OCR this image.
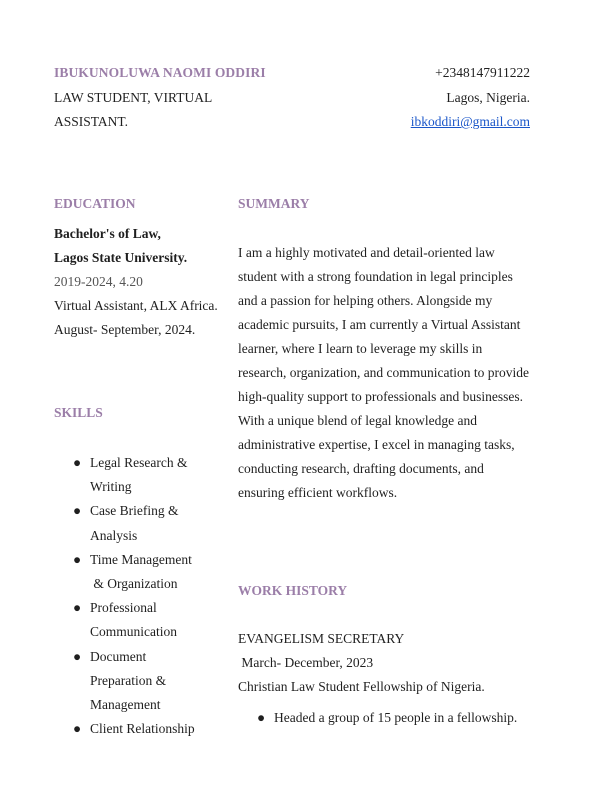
IBUKUNOLUWA NAOMI ODDIRI
LAW STUDENT, VIRTUAL
ASSISTANT.
+2348147911222
Lagos, Nigeria.
ibkoddiri@gmail.com
EDUCATION
Bachelor's of Law,
Lagos State University.
2019-2024, 4.20
Virtual Assistant, ALX Africa.
August- September, 2024.
SKILLS
● Legal Research &
Writing
● Case Briefing &
Analysis
● Time Management
& Organization
● Professional
Communication
● Document
Preparation &
Management
● Client Relationship
SUMMARY
I am a highly motivated and detail-oriented law
student with a strong foundation in legal principles
and a passion for helping others. Alongside my
academic pursuits, I am currently a Virtual Assistant
learner, where I learn to leverage my skills in
research, organization, and communication to provide
high-quality support to professionals and businesses.
With a unique blend of legal knowledge and
administrative expertise, I excel in managing tasks,
conducting research, drafting documents, and
ensuring efficient workflows.
WORK HISTORY
EVANGELISM SECRETARY
March- December, 2023
Christian Law Student Fellowship of Nigeria.
● Headed a group of 15 people in a fellowship.
